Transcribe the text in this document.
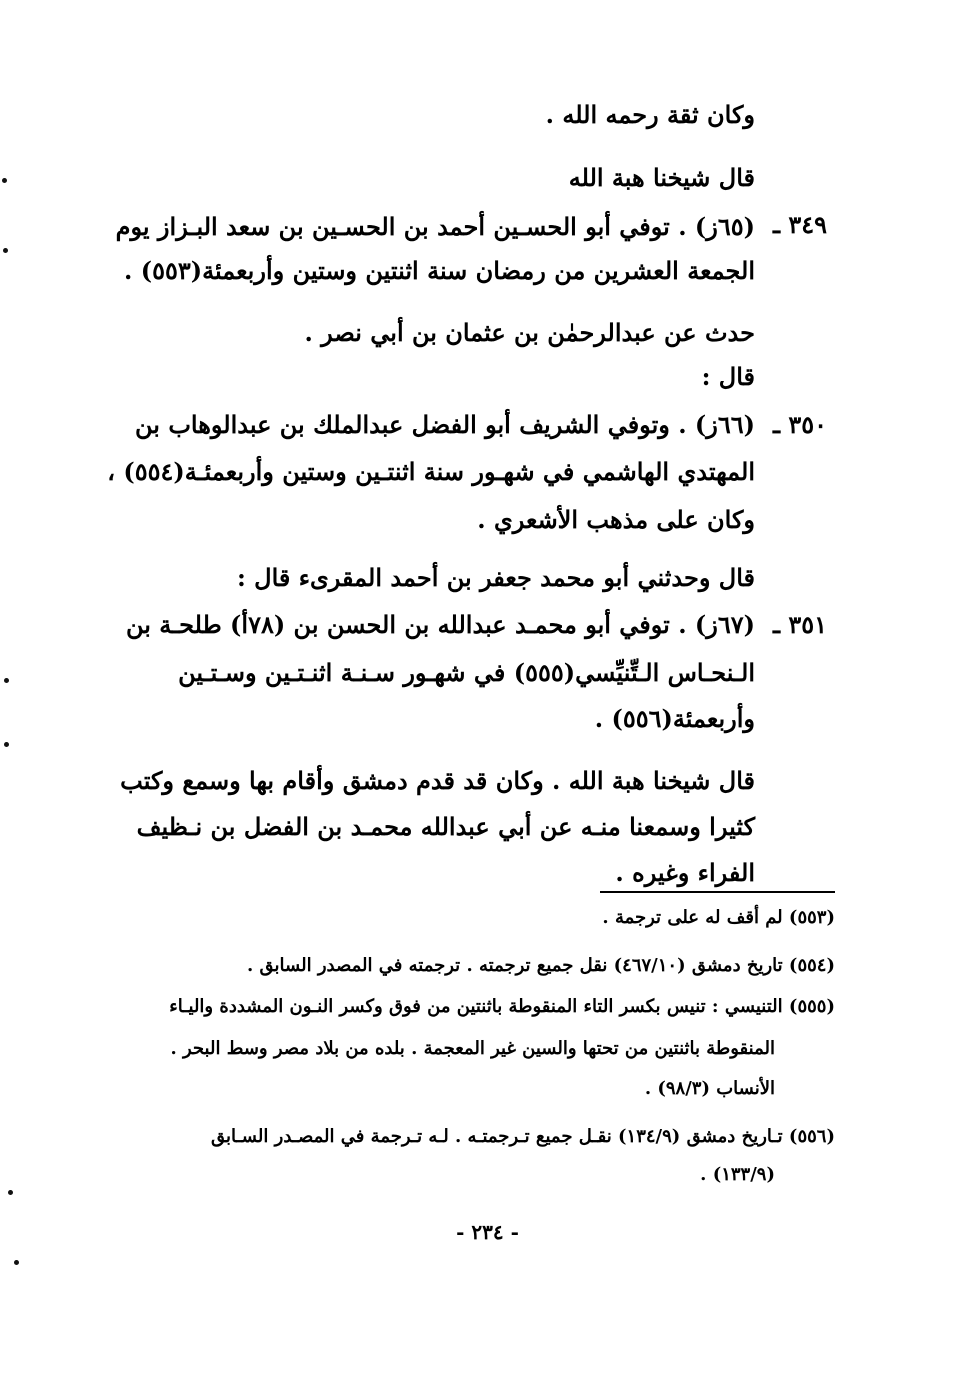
وكان ثقة رحمه الله .
قال شيخنا هبة الله
٣٤٩ ـ
(٦٥ز) . توفي أبو الحسـين أحمد بن الحسـين بن سعد البـزاز يوم
الجمعة العشرين من رمضان سنة اثنتين وستين وأربعمئة(٥٥٣) .
حدث عن عبدالرحمٰن بن عثمان بن أبي نصر .
قال :
٣٥٠ ـ
(٦٦ز) . وتوفي الشريف أبو الفضل عبدالملك بن عبدالوهاب بن
المهتدي الهاشمي في شهـور سنة اثنتـين وستين وأربعمئـة(٥٥٤) ،
وكان على مذهب الأشعري .
قال وحدثني أبو محمد جعفر بن أحمد المقرىء قال :
٣٥١ ـ
(٦٧ز) . توفي أبو محمـد عبدالله بن الحسن بن (٧٨أ) طلحـة بن
الـنحـاس الـتِّنيِّسي(٥٥٥) في شهـور سـنـة اثنـتـين وسـتـين
وأربعمئة(٥٥٦) .
قال شيخنا هبة الله . وكان قد قدم دمشق وأقام بها وسمع وكتب
كثيرا وسمعنا منـه عن أبي عبدالله محمـد بن الفضل بن نـظيف
الفراء وغيره .
(٥٥٣) لم أقف له على ترجمة .
(٥٥٤) تاريخ دمشق (٤٦٧/١٠) نقل جميع ترجمته . ترجمته في المصدر السابق .
(٥٥٥) التنيسي : تنيس بكسر التاء المنقوطة باثنتين من فوق وكسر النـون المشددة واليـاء
المنقوطة باثنتين من تحتها والسين غير المعجمة . بلده من بلاد مصر وسط البحر .
الأنساب (٩٨/٣) .
(٥٥٦) تـاريخ دمشق (١٣٤/٩) نقـل جميع تـرجمتـه . لـه تـرجمة في المصـدر السـابق
(١٣٣/٩) .
- ٢٣٤ -
